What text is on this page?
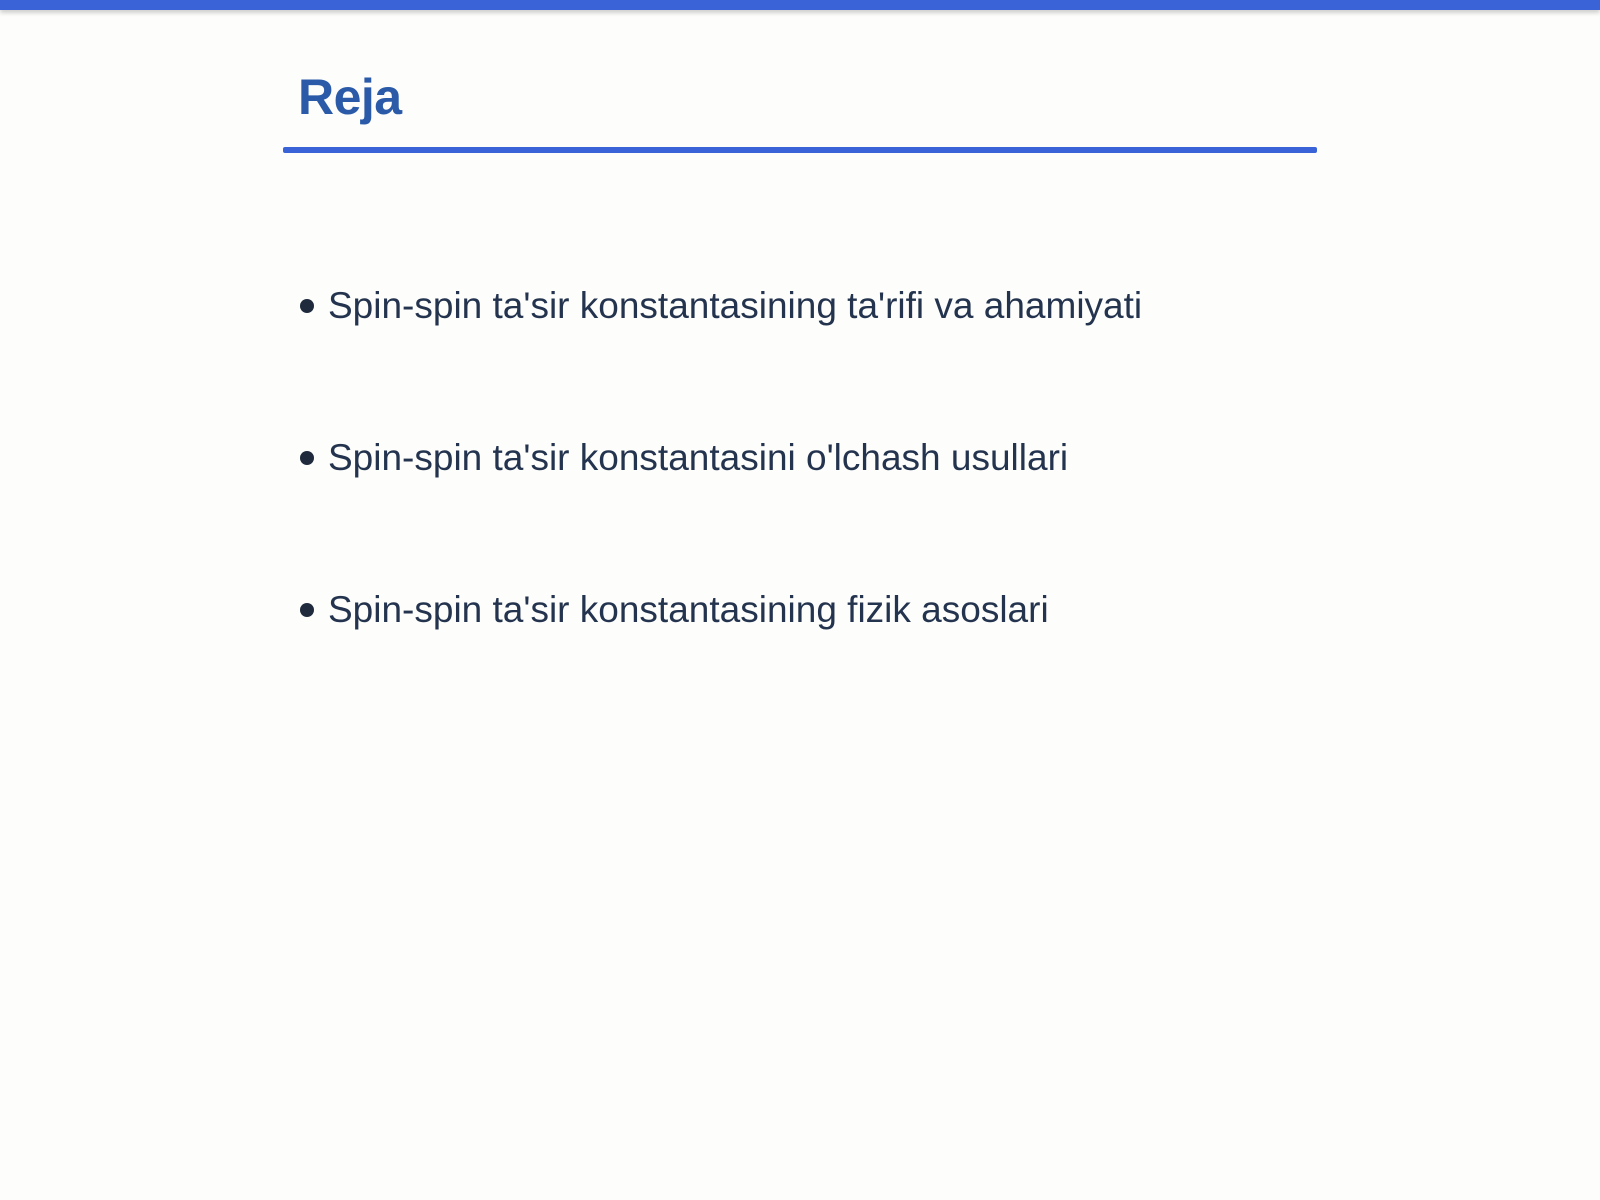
Reja
Spin-spin ta'sir konstantasining ta'rifi va ahamiyati
Spin-spin ta'sir konstantasini o'lchash usullari
Spin-spin ta'sir konstantasining fizik asoslari
